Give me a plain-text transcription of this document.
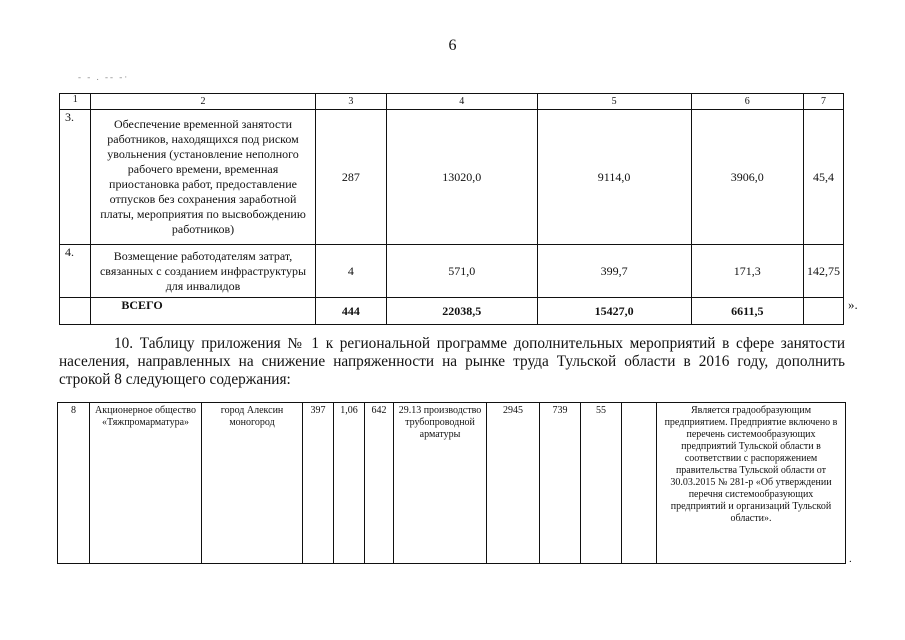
6
- - . -- -·
1	2	3	4	5	6	7
3.	Обеспечение временной занятости работников, находящихся под риском увольнения (установление неполного рабочего времени, временная приостановка работ, предоставление отпусков без сохранения заработной платы, мероприятия по высвобождению работников)	287	13020,0	9114,0	3906,0	45,4
4.	Возмещение работодателям затрат, связанных с созданием инфраструктуры для инвалидов	4	571,0	399,7	171,3	142,75
	ВСЕГО	444	22038,5	15427,0	6611,5		».
10. Таблицу приложения № 1 к региональной программе дополнительных мероприятий в сфере занятости населения, направленных на снижение напряженности на рынке труда Тульской области в 2016 году, дополнить строкой 8 следующего содержания:
8	Акционерное общество «Тяжпромарматура»	город Алексин моногород	397	1,06	642	29.13 производство трубопроводной арматуры	2945	739	55		Является градообразующим предприятием. Предприятие включено в перечень системообразующих предприятий Тульской области в соответствии с распоряжением правительства Тульской области от 30.03.2015 № 281-р «Об утверждении перечня системообразующих предприятий и организаций Тульской области».
.
